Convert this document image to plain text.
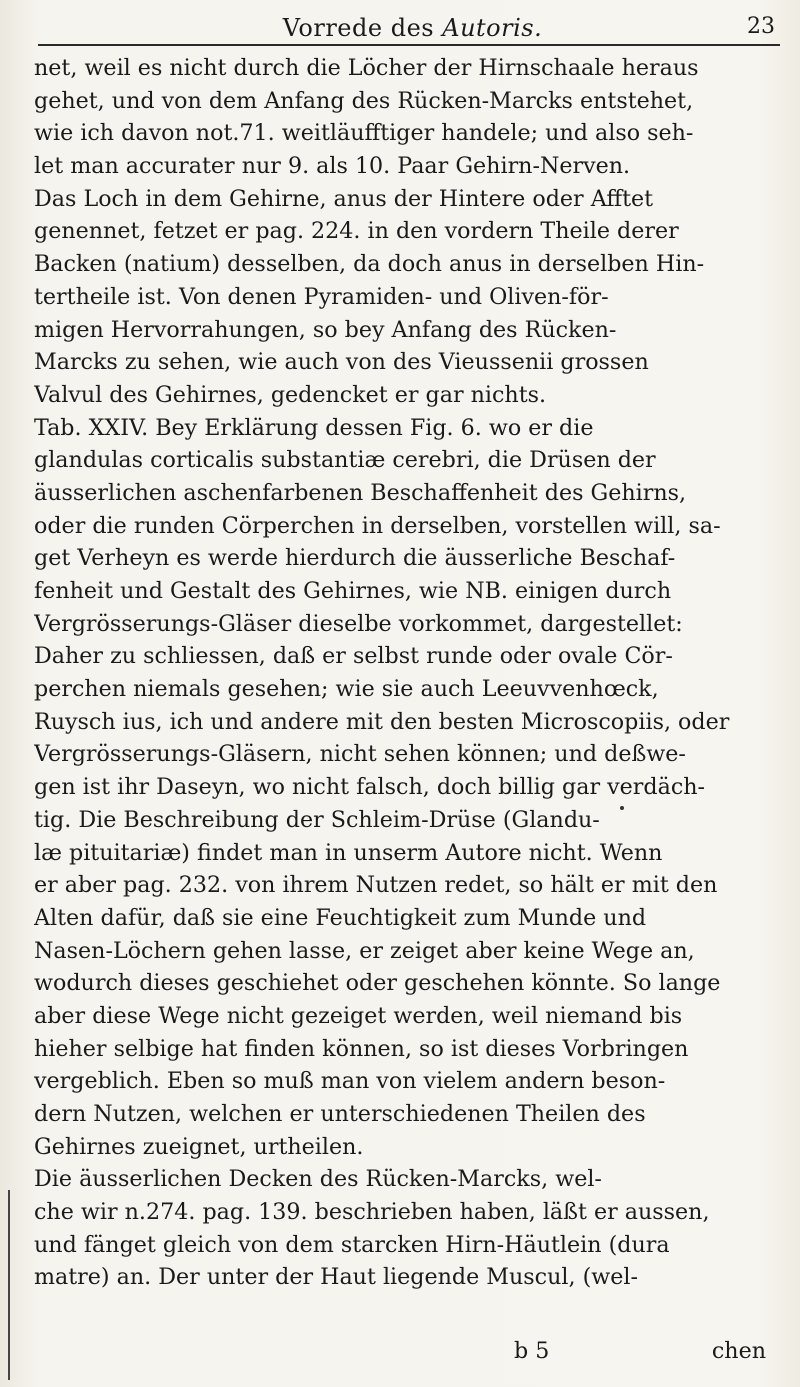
Vorrede des Autoris.	23
net, weil es nicht durch die Löcher der Hirnschaale heraus
gehet, und von dem Anfang des Rücken-Marcks entstehet,
wie ich davon not.71. weitläufftiger handele; und also seh-
let man accurater nur 9. als 10. Paar Gehirn-Nerven.
Das Loch in dem Gehirne, anus der Hintere oder Afftet
genennet, fetzet er pag. 224. in den vordern Theile derer
Backen (natium) desselben, da doch anus in derselben Hin-
tertheile ist. Von denen Pyramiden- und Oliven-för-
migen Hervorrahungen, so bey Anfang des Rücken-
Marcks zu sehen, wie auch von des Vieussenii grossen
Valvul des Gehirnes, gedencket er gar nichts.
Tab. XXIV. Bey Erklärung dessen Fig. 6. wo er die
glandulas corticalis substantiæ cerebri, die Drüsen der
äusserlichen aschenfarbenen Beschaffenheit des Gehirns,
oder die runden Cörperchen in derselben, vorstellen will, sa-
get Verheyn es werde hierdurch die äusserliche Beschaf-
fenheit und Gestalt des Gehirnes, wie NB. einigen durch
Vergrösserungs-Gläser dieselbe vorkommet, dargestellet:
Daher zu schliessen, daß er selbst runde oder ovale Cör-
perchen niemals gesehen; wie sie auch Leeuvvenhœck,
Ruysch ius, ich und andere mit den besten Microscopiis, oder
Vergrösserungs-Gläsern, nicht sehen können; und deßwe-
gen ist ihr Daseyn, wo nicht falsch, doch billig gar verdäch-
tig. Die Beschreibung der Schleim-Drüse (Glandu-
læ pituitariæ) findet man in unserm Autore nicht. Wenn
er aber pag. 232. von ihrem Nutzen redet, so hält er mit den
Alten dafür, daß sie eine Feuchtigkeit zum Munde und
Nasen-Löchern gehen lasse, er zeiget aber keine Wege an,
wodurch dieses geschiehet oder geschehen könnte. So lange
aber diese Wege nicht gezeiget werden, weil niemand bis
hieher selbige hat finden können, so ist dieses Vorbringen
vergeblich. Eben so muß man von vielem andern beson-
dern Nutzen, welchen er unterschiedenen Theilen des
Gehirnes zueignet, urtheilen.
Die äusserlichen Decken des Rücken-Marcks, wel-
che wir n.274. pag. 139. beschrieben haben, läßt er aussen,
und fänget gleich von dem starcken Hirn-Häutlein (dura
matre) an. Der unter der Haut liegende Muscul, (wel-
b 5	chen
